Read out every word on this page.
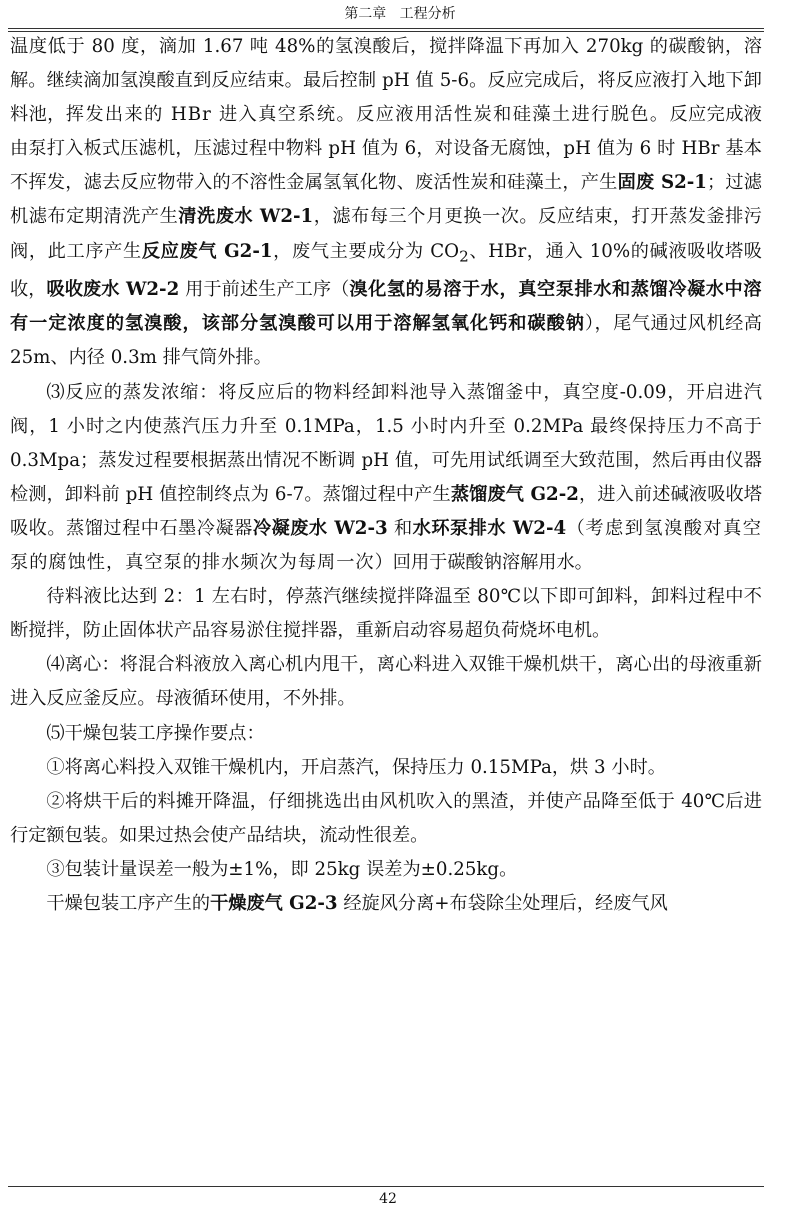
第二章 工程分析

温度低于 80 度，滴加 1.67 吨 48%的氢溴酸后，搅拌降温下再加入 270kg 的碳酸钠，溶解。继续滴加氢溴酸直到反应结束。最后控制 pH 值 5-6。反应完成后，将反应液打入地下卸料池，挥发出来的 HBr 进入真空系统。反应液用活性炭和硅藻土进行脱色。反应完成液由泵打入板式压滤机，压滤过程中物料 pH 值为 6，对设备无腐蚀，pH 值为 6 时 HBr 基本不挥发，滤去反应物带入的不溶性金属氢氧化物、废活性炭和硅藻土，产生固废 S2-1；过滤机滤布定期清洗产生清洗废水 W2-1，滤布每三个月更换一次。反应结束，打开蒸发釜排污阀，此工序产生反应废气 G2-1，废气主要成分为 $CO_2$、HBr，通入 10%的碱液吸收塔吸收，吸收废水 W2-2 用于前述生产工序（溴化氢的易溶于水，真空泵排水和蒸馏冷凝水中溶有一定浓度的氢溴酸，该部分氢溴酸可以用于溶解氢氧化钙和碳酸钠），尾气通过风机经高 25m、内径 0.3m 排气筒外排。

⑶反应的蒸发浓缩：将反应后的物料经卸料池导入蒸馏釜中，真空度-0.09，开启进汽阀，1 小时之内使蒸汽压力升至 0.1MPa，1.5 小时内升至 0.2MPa 最终保持压力不高于 0.3Mpa；蒸发过程要根据蒸出情况不断调 pH 值，可先用试纸调至大致范围，然后再由仪器检测，卸料前 pH 值控制终点为 6-7。蒸馏过程中产生蒸馏废气 G2-2，进入前述碱液吸收塔吸收。蒸馏过程中石墨冷凝器冷凝废水 W2-3 和水环泵排水 W2-4（考虑到氢溴酸对真空泵的腐蚀性，真空泵的排水频次为每周一次）回用于碳酸钠溶解用水。

待料液比达到 2：1 左右时，停蒸汽继续搅拌降温至 80℃以下即可卸料，卸料过程中不断搅拌，防止固体状产品容易淤住搅拌器，重新启动容易超负荷烧坏电机。

⑷离心：将混合料液放入离心机内甩干，离心料进入双锥干燥机烘干，离心出的母液重新进入反应釜反应。母液循环使用，不外排。

⑸干燥包装工序操作要点：

①将离心料投入双锥干燥机内，开启蒸汽，保持压力 0.15MPa，烘 3 小时。

②将烘干后的料摊开降温，仔细挑选出由风机吹入的黑渣，并使产品降至低于 40℃后进行定额包装。如果过热会使产品结块，流动性很差。

③包装计量误差一般为±1%，即 25kg 误差为±0.25kg。

干燥包装工序产生的干燥废气 G2-3 经旋风分离+布袋除尘处理后，经废气风

42
